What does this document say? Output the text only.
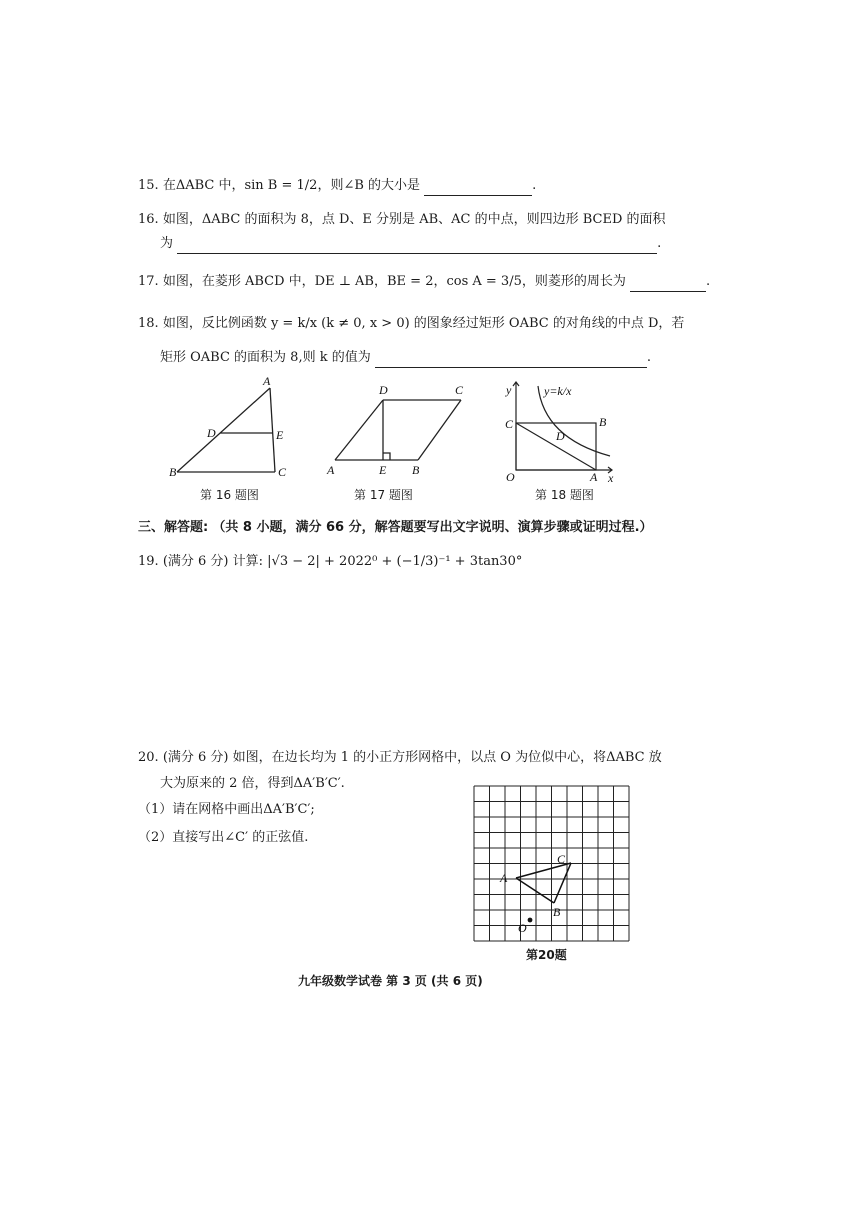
15. 在ΔABC 中，sin B = 1/2，则∠B 的大小是	.
16. 如图，ΔABC 的面积为 8，点 D、E 分别是 AB、AC 的中点，则四边形 BCED 的面积
为	.
17. 如图，在菱形 ABCD 中，DE ⊥ AB，BE = 2，cos A = 3/5，则菱形的周长为	.
18. 如图，反比例函数 y = k/x (k ≠ 0, x > 0) 的图象经过矩形 OABC 的对角线的中点 D，若
矩形 OABC 的面积为 8,则 k 的值为	.
A
B	C
D	E
第 16 题图
D	C
A	E B
第 17 题图
y
x
O	A
B
C
D
y=k/x
第 18 题图
三、解答题: （共 8 小题，满分 66 分，解答题要写出文字说明、演算步骤或证明过程.）
19. (满分 6 分) 计算: |√3 − 2| + 2022⁰ + (−1/3)⁻¹ + 3tan30°
20. (满分 6 分) 如图，在边长均为 1 的小正方形网格中，以点 O 为位似中心，将ΔABC 放
大为原来的 2 倍，得到ΔA′B′C′.
（1）请在网格中画出ΔA′B′C′;
（2）直接写出∠C′ 的正弦值.
A
C
B
O
第20题
九年级数学试卷 第 3 页 (共 6 页)
